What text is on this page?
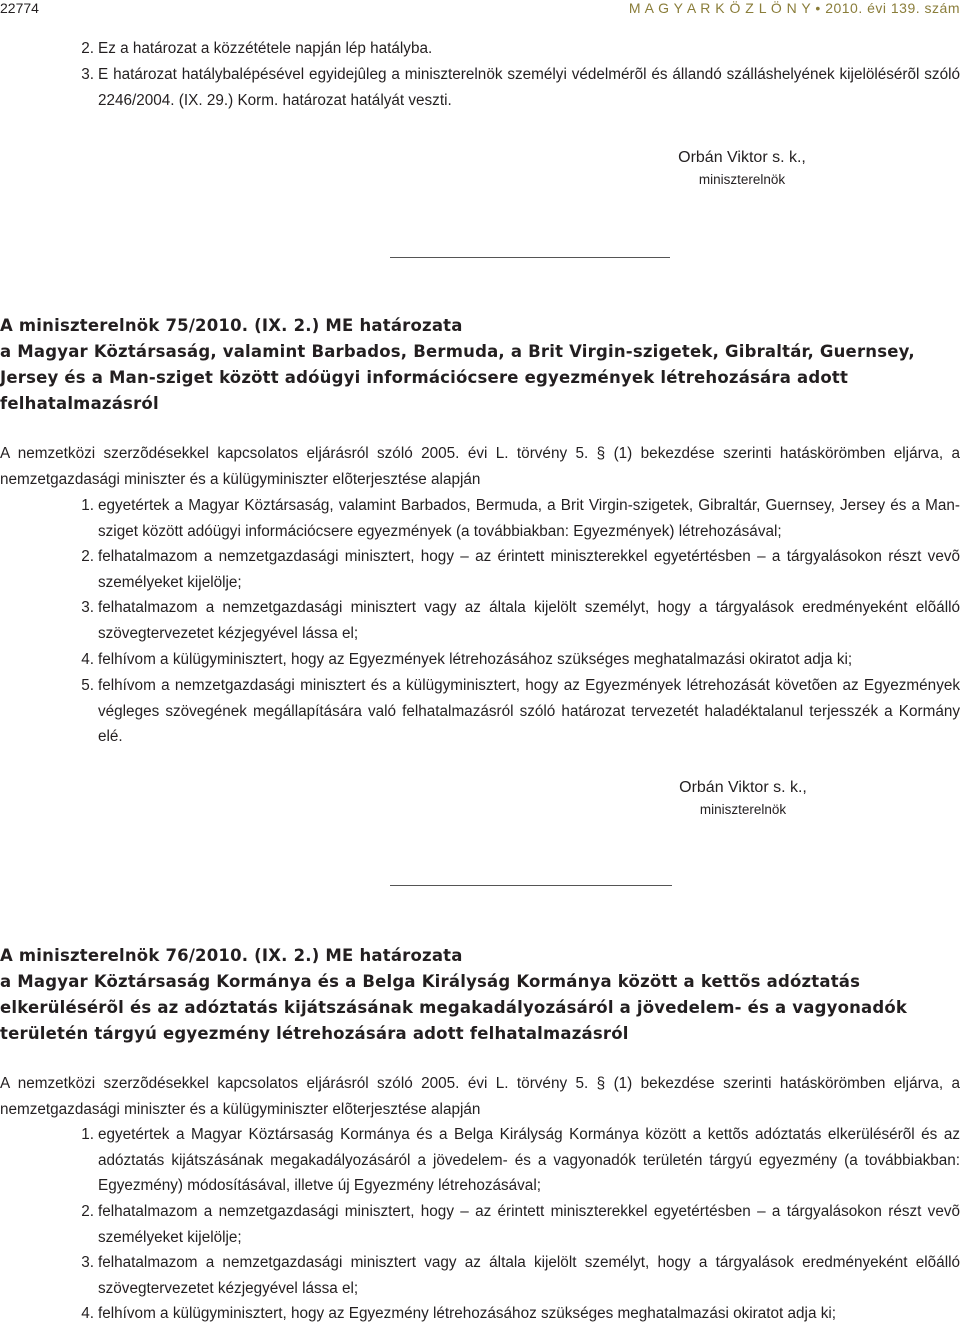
22774	M A G Y A R K Ö Z L Ö N Y • 2010. évi 139. szám
2. Ez a határozat a közzététele napján lép hatályba.
3. E határozat hatálybalépésével egyidejûleg a miniszterelnök személyi védelmérõl és állandó szálláshelyének kijelölésérõl szóló 2246/2004. (IX. 29.) Korm. határozat hatályát veszti.
Orbán Viktor s. k.,
miniszterelnök
A miniszterelnök 75/2010. (IX. 2.) ME határozata
a Magyar Köztársaság, valamint Barbados, Bermuda, a Brit Virgin-szigetek, Gibraltár, Guernsey, Jersey és a Man-sziget között adóügyi információcsere egyezmények létrehozására adott felhatalmazásról
A nemzetközi szerzõdésekkel kapcsolatos eljárásról szóló 2005. évi L. törvény 5. § (1) bekezdése szerinti hatáskörömben eljárva, a nemzetgazdasági miniszter és a külügyminiszter elõterjesztése alapján
1. egyetértek a Magyar Köztársaság, valamint Barbados, Bermuda, a Brit Virgin-szigetek, Gibraltár, Guernsey, Jersey és a Man-sziget között adóügyi információcsere egyezmények (a továbbiakban: Egyezmények) létrehozásával;
2. felhatalmazom a nemzetgazdasági minisztert, hogy – az érintett miniszterekkel egyetértésben – a tárgyalásokon részt vevõ személyeket kijelölje;
3. felhatalmazom a nemzetgazdasági minisztert vagy az általa kijelölt személyt, hogy a tárgyalások eredményeként elõálló szövegtervezetet kézjegyével lássa el;
4. felhívom a külügyminisztert, hogy az Egyezmények létrehozásához szükséges meghatalmazási okiratot adja ki;
5. felhívom a nemzetgazdasági minisztert és a külügyminisztert, hogy az Egyezmények létrehozását követõen az Egyezmények végleges szövegének megállapítására való felhatalmazásról szóló határozat tervezetét haladéktalanul terjesszék a Kormány elé.
Orbán Viktor s. k.,
miniszterelnök
A miniszterelnök 76/2010. (IX. 2.) ME határozata
a Magyar Köztársaság Kormánya és a Belga Királyság Kormánya között a kettõs adóztatás elkerülésérõl és az adóztatás kijátszásának megakadályozásáról a jövedelem- és a vagyonadók területén tárgyú egyezmény létrehozására adott felhatalmazásról
A nemzetközi szerzõdésekkel kapcsolatos eljárásról szóló 2005. évi L. törvény 5. § (1) bekezdése szerinti hatáskörömben eljárva, a nemzetgazdasági miniszter és a külügyminiszter elõterjesztése alapján
1. egyetértek a Magyar Köztársaság Kormánya és a Belga Királyság Kormánya között a kettõs adóztatás elkerülésérõl és az adóztatás kijátszásának megakadályozásáról a jövedelem- és a vagyonadók területén tárgyú egyezmény (a továbbiakban: Egyezmény) módosításával, illetve új Egyezmény létrehozásával;
2. felhatalmazom a nemzetgazdasági minisztert, hogy – az érintett miniszterekkel egyetértésben – a tárgyalásokon részt vevõ személyeket kijelölje;
3. felhatalmazom a nemzetgazdasági minisztert vagy az általa kijelölt személyt, hogy a tárgyalások eredményeként elõálló szövegtervezetet kézjegyével lássa el;
4. felhívom a külügyminisztert, hogy az Egyezmény létrehozásához szükséges meghatalmazási okiratot adja ki;
